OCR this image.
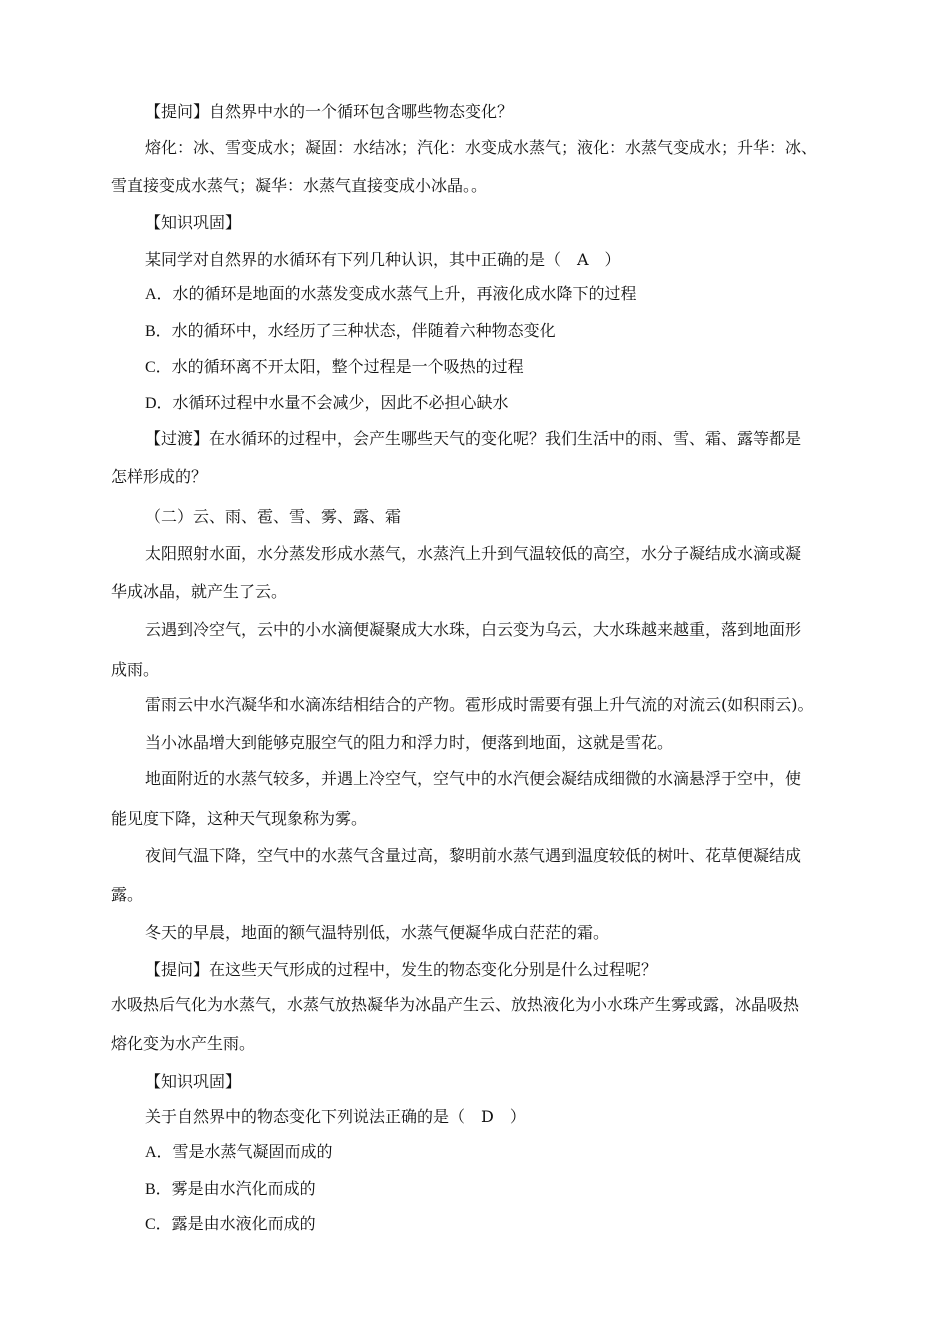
【提问】自然界中水的一个循环包含哪些物态变化？
熔化：冰、雪变成水；凝固：水结冰；汽化：水变成水蒸气；液化：水蒸气变成水；升华：冰、
雪直接变成水蒸气；凝华：水蒸气直接变成小冰晶。。
【知识巩固】
某同学对自然界的水循环有下列几种认识，其中正确的是（　A　）
A．水的循环是地面的水蒸发变成水蒸气上升，再液化成水降下的过程
B．水的循环中，水经历了三种状态，伴随着六种物态变化
C．水的循环离不开太阳，整个过程是一个吸热的过程
D．水循环过程中水量不会减少，因此不必担心缺水
【过渡】在水循环的过程中，会产生哪些天气的变化呢？我们生活中的雨、雪、霜、露等都是
怎样形成的？
（二）云、雨、雹、雪、雾、露、霜
太阳照射水面，水分蒸发形成水蒸气，水蒸汽上升到气温较低的高空，水分子凝结成水滴或凝
华成冰晶，就产生了云。
云遇到冷空气，云中的小水滴便凝聚成大水珠，白云变为乌云，大水珠越来越重，落到地面形
成雨。
雷雨云中水汽凝华和水滴冻结相结合的产物。雹形成时需要有强上升气流的对流云(如积雨云)。
当小冰晶增大到能够克服空气的阻力和浮力时，便落到地面，这就是雪花。
地面附近的水蒸气较多，并遇上冷空气，空气中的水汽便会凝结成细微的水滴悬浮于空中，使
能见度下降，这种天气现象称为雾。
夜间气温下降，空气中的水蒸气含量过高，黎明前水蒸气遇到温度较低的树叶、花草便凝结成
露。
冬天的早晨，地面的额气温特别低，水蒸气便凝华成白茫茫的霜。
【提问】在这些天气形成的过程中，发生的物态变化分别是什么过程呢？
水吸热后气化为水蒸气，水蒸气放热凝华为冰晶产生云、放热液化为小水珠产生雾或露，冰晶吸热
熔化变为水产生雨。
【知识巩固】
关于自然界中的物态变化下列说法正确的是（　D　）
A．雪是水蒸气凝固而成的
B．雾是由水汽化而成的
C．露是由水液化而成的
